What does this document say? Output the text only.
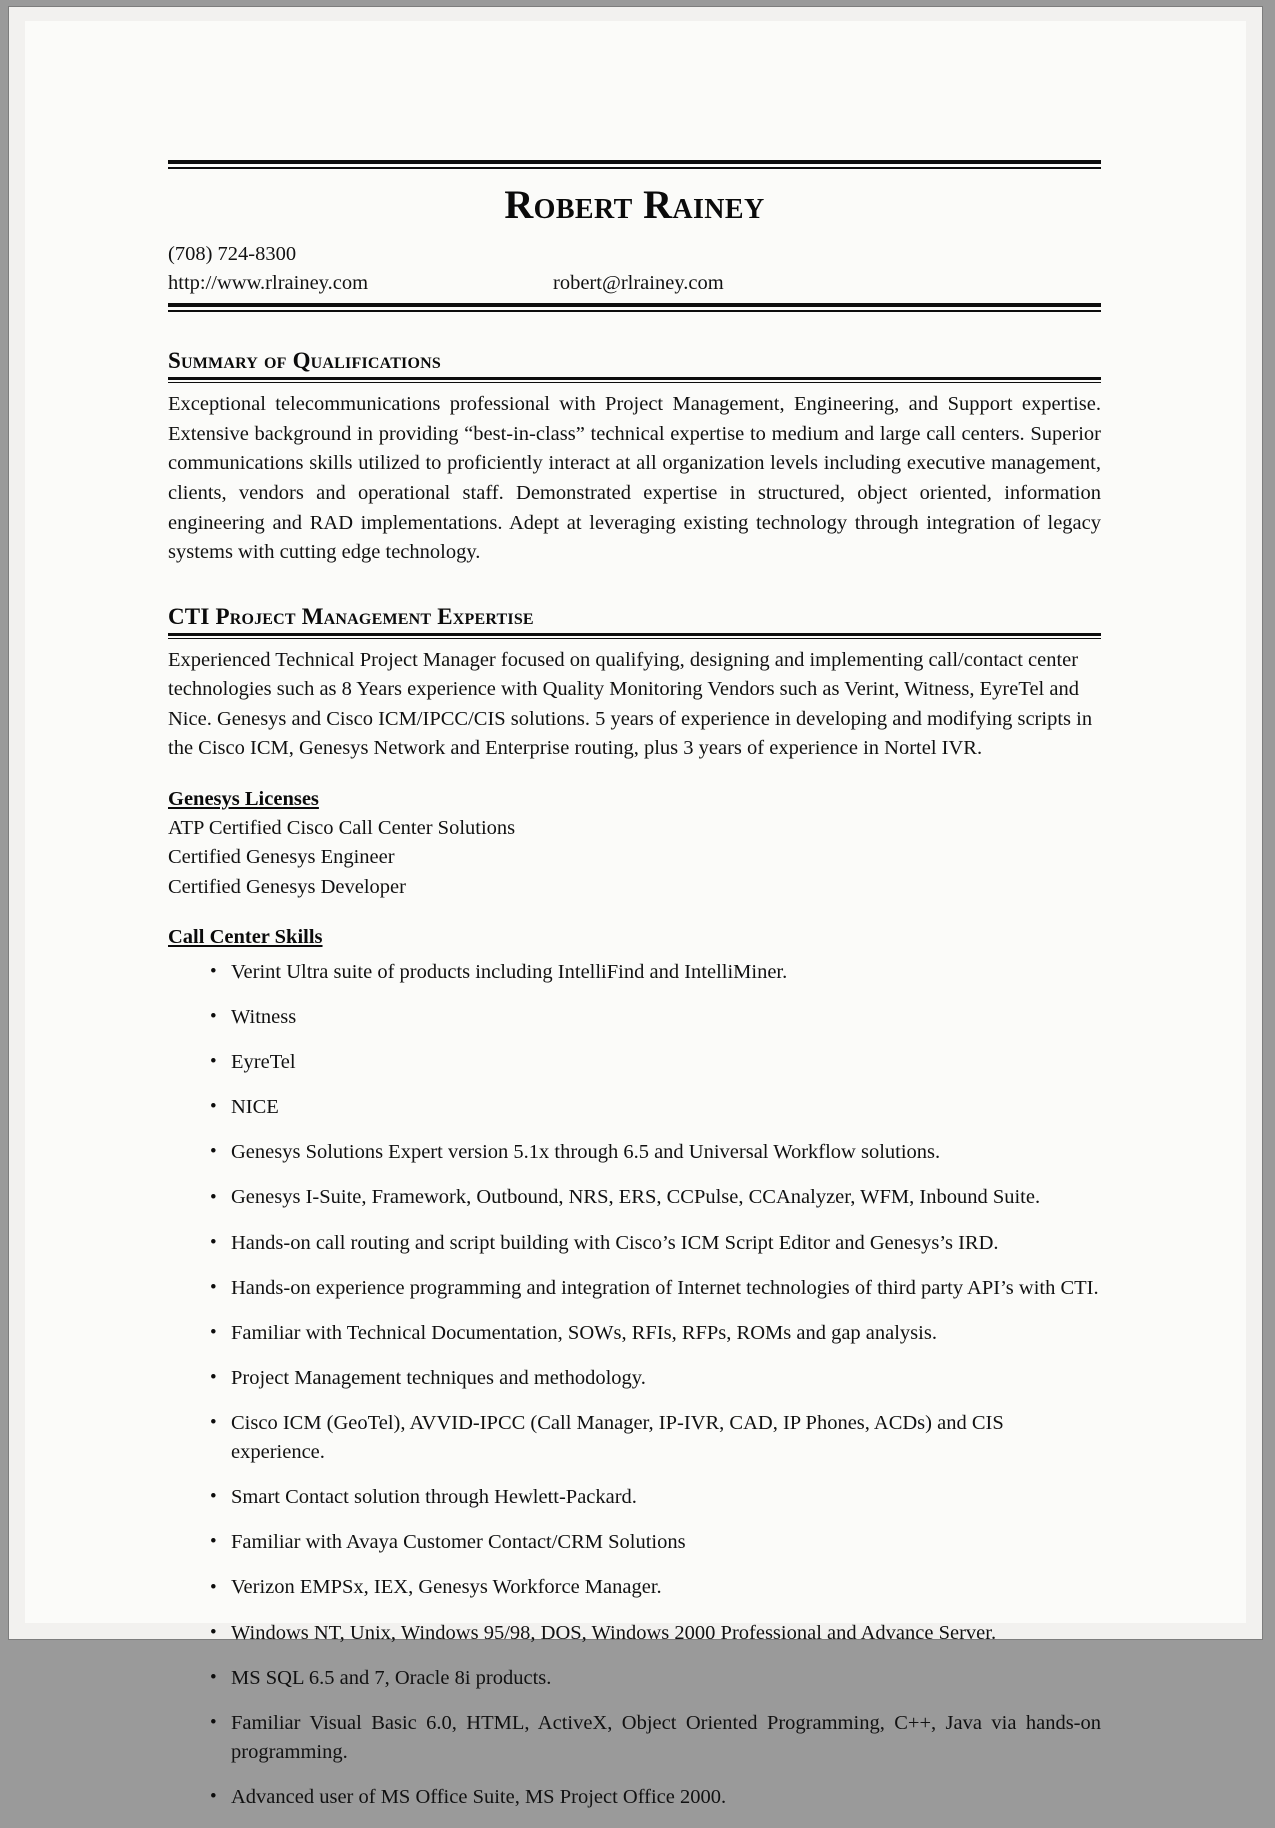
Robert Rainey
(708) 724-8300
http://www.rlrainey.com	robert@rlrainey.com
Summary of Qualifications
Exceptional telecommunications professional with Project Management, Engineering, and Support expertise. Extensive background in providing “best-in-class” technical expertise to medium and large call centers. Superior communications skills utilized to proficiently interact at all organization levels including executive management, clients, vendors and operational staff. Demonstrated expertise in structured, object oriented, information engineering and RAD implementations. Adept at leveraging existing technology through integration of legacy systems with cutting edge technology.
CTI Project Management Expertise
Experienced Technical Project Manager focused on qualifying, designing and implementing call/contact center technologies such as 8 Years experience with Quality Monitoring Vendors such as Verint, Witness, EyreTel and Nice. Genesys and Cisco ICM/IPCC/CIS solutions. 5 years of experience in developing and modifying scripts in the Cisco ICM, Genesys Network and Enterprise routing, plus 3 years of experience in Nortel IVR.
Genesys Licenses
ATP Certified Cisco Call Center Solutions
Certified Genesys Engineer
Certified Genesys Developer
Call Center Skills
• Verint Ultra suite of products including IntelliFind and IntelliMiner.
• Witness
• EyreTel
• NICE
• Genesys Solutions Expert version 5.1x through 6.5 and Universal Workflow solutions.
• Genesys I-Suite, Framework, Outbound, NRS, ERS, CCPulse, CCAnalyzer, WFM, Inbound Suite.
• Hands-on call routing and script building with Cisco’s ICM Script Editor and Genesys’s IRD.
• Hands-on experience programming and integration of Internet technologies of third party API’s with CTI.
• Familiar with Technical Documentation, SOWs, RFIs, RFPs, ROMs and gap analysis.
• Project Management techniques and methodology.
• Cisco ICM (GeoTel), AVVID-IPCC (Call Manager, IP-IVR, CAD, IP Phones, ACDs) and CIS experience.
• Smart Contact solution through Hewlett-Packard.
• Familiar with Avaya Customer Contact/CRM Solutions
• Verizon EMPSx, IEX, Genesys Workforce Manager.
• Windows NT, Unix, Windows 95/98, DOS, Windows 2000 Professional and Advance Server.
• MS SQL 6.5 and 7, Oracle 8i products.
• Familiar Visual Basic 6.0, HTML, ActiveX, Object Oriented Programming, C++, Java via hands-on programming.
• Advanced user of MS Office Suite, MS Project Office 2000.
